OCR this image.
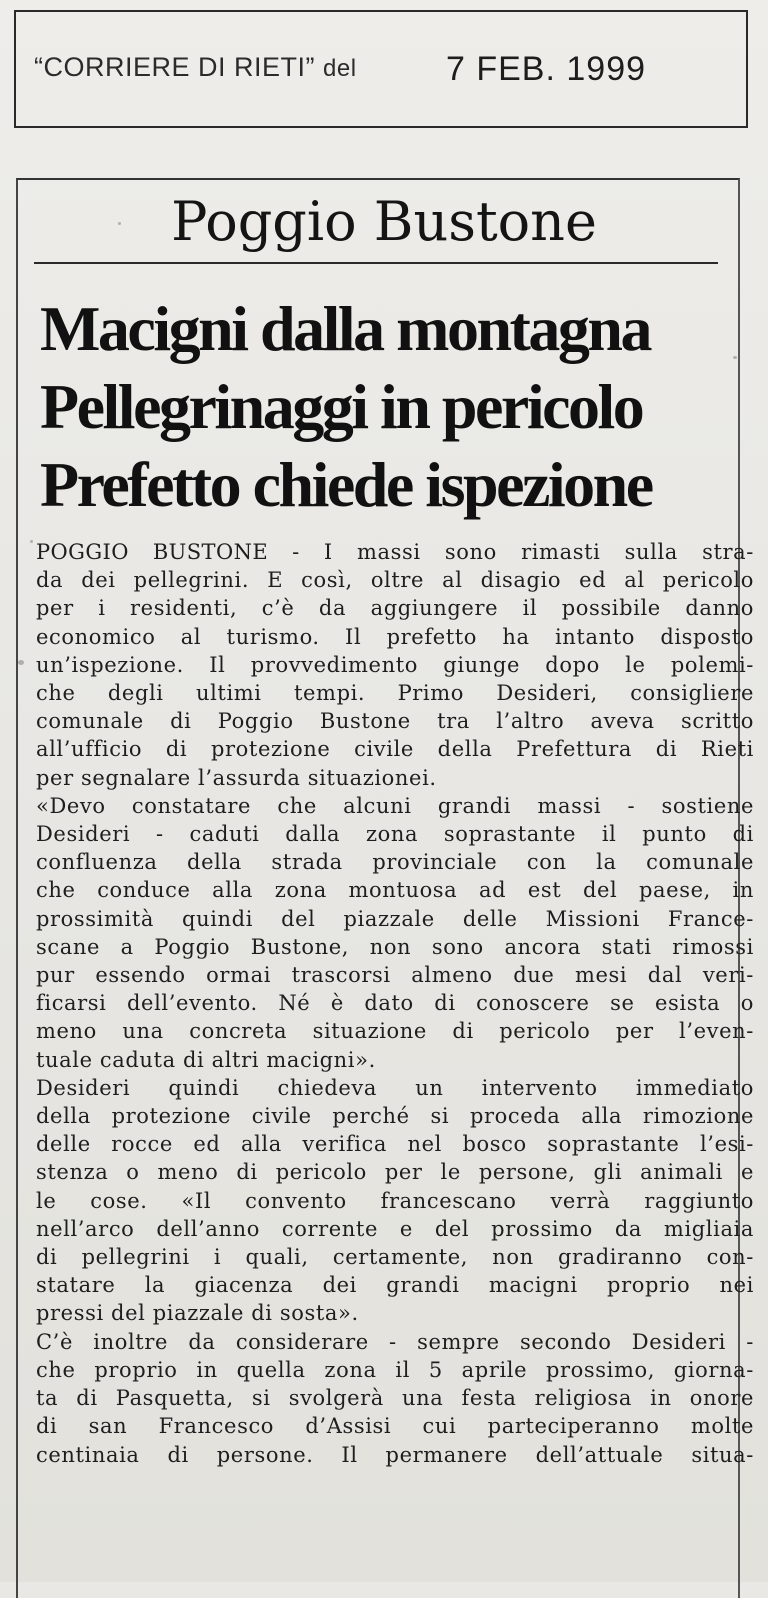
“CORRIERE DI RIETI” del	7 FEB. 1999
Poggio Bustone
Macigni dalla montagna
Pellegrinaggi in pericolo
Prefetto chiede ispezione
POGGIO BUSTONE - I massi sono rimasti sulla stra-
da dei pellegrini. E così, oltre al disagio ed al pericolo
per i residenti, c’è da aggiungere il possibile danno
economico al turismo. Il prefetto ha intanto disposto
un’ispezione. Il provvedimento giunge dopo le polemi-
che degli ultimi tempi. Primo Desideri, consigliere
comunale di Poggio Bustone tra l’altro aveva scritto
all’ufficio di protezione civile della Prefettura di Rieti
per segnalare l’assurda situazionei.
«Devo constatare che alcuni grandi massi - sostiene
Desideri - caduti dalla zona soprastante il punto di
confluenza della strada provinciale con la comunale
che conduce alla zona montuosa ad est del paese, in
prossimità quindi del piazzale delle Missioni France-
scane a Poggio Bustone, non sono ancora stati rimossi
pur essendo ormai trascorsi almeno due mesi dal veri-
ficarsi dell’evento. Né è dato di conoscere se esista o
meno una concreta situazione di pericolo per l’even-
tuale caduta di altri macigni».
Desideri quindi chiedeva un intervento immediato
della protezione civile perché si proceda alla rimozione
delle rocce ed alla verifica nel bosco soprastante l’esi-
stenza o meno di pericolo per le persone, gli animali e
le cose. «Il convento francescano verrà raggiunto
nell’arco dell’anno corrente e del prossimo da migliaia
di pellegrini i quali, certamente, non gradiranno con-
statare la giacenza dei grandi macigni proprio nei
pressi del piazzale di sosta».
C’è inoltre da considerare - sempre secondo Desideri -
che proprio in quella zona il 5 aprile prossimo, giorna-
ta di Pasquetta, si svolgerà una festa religiosa in onore
di san Francesco d’Assisi cui parteciperanno molte
centinaia di persone. Il permanere dell’attuale situa-
